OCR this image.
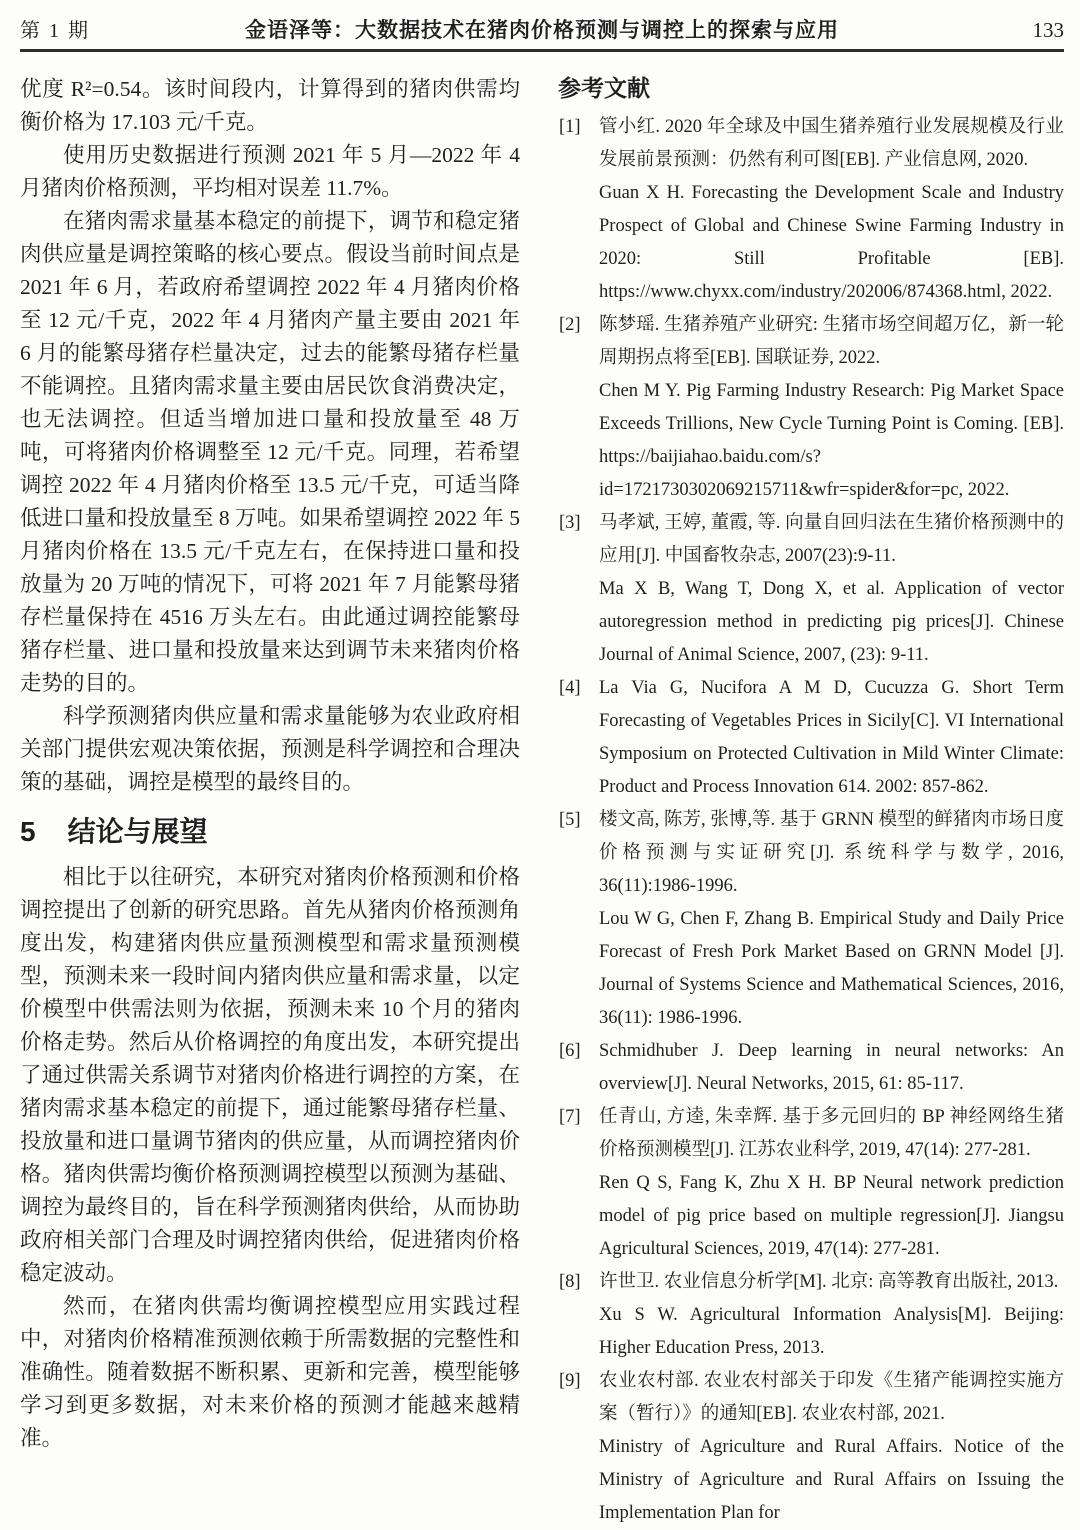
第 1 期	金语泽等：大数据技术在猪肉价格预测与调控上的探索与应用	133

优度 R²=0.54。该时间段内，计算得到的猪肉供需均衡价格为 17.103 元/千克。

使用历史数据进行预测 2021 年 5 月—2022 年 4 月猪肉价格预测，平均相对误差 11.7%。

在猪肉需求量基本稳定的前提下，调节和稳定猪肉供应量是调控策略的核心要点。假设当前时间点是 2021 年 6 月，若政府希望调控 2022 年 4 月猪肉价格至 12 元/千克，2022 年 4 月猪肉产量主要由 2021 年 6 月的能繁母猪存栏量决定，过去的能繁母猪存栏量不能调控。且猪肉需求量主要由居民饮食消费决定，也无法调控。但适当增加进口量和投放量至 48 万吨，可将猪肉价格调整至 12 元/千克。同理，若希望调控 2022 年 4 月猪肉价格至 13.5 元/千克，可适当降低进口量和投放量至 8 万吨。如果希望调控 2022 年 5 月猪肉价格在 13.5 元/千克左右，在保持进口量和投放量为 20 万吨的情况下，可将 2021 年 7 月能繁母猪存栏量保持在 4516 万头左右。由此通过调控能繁母猪存栏量、进口量和投放量来达到调节未来猪肉价格走势的目的。

科学预测猪肉供应量和需求量能够为农业政府相关部门提供宏观决策依据，预测是科学调控和合理决策的基础，调控是模型的最终目的。

5 结论与展望

相比于以往研究，本研究对猪肉价格预测和价格调控提出了创新的研究思路。首先从猪肉价格预测角度出发，构建猪肉供应量预测模型和需求量预测模型，预测未来一段时间内猪肉供应量和需求量，以定价模型中供需法则为依据，预测未来 10 个月的猪肉价格走势。然后从价格调控的角度出发，本研究提出了通过供需关系调节对猪肉价格进行调控的方案，在猪肉需求基本稳定的前提下，通过能繁母猪存栏量、投放量和进口量调节猪肉的供应量，从而调控猪肉价格。猪肉供需均衡价格预测调控模型以预测为基础、调控为最终目的，旨在科学预测猪肉供给，从而协助政府相关部门合理及时调控猪肉供给，促进猪肉价格稳定波动。

然而，在猪肉供需均衡调控模型应用实践过程中，对猪肉价格精准预测依赖于所需数据的完整性和准确性。随着数据不断积累、更新和完善，模型能够学习到更多数据，对未来价格的预测才能越来越精准。

参考文献
[1] 管小红. 2020 年全球及中国生猪养殖行业发展规模及行业发展前景预测：仍然有利可图[EB]. 产业信息网, 2020.
Guan X H. Forecasting the Development Scale and Industry Prospect of Global and Chinese Swine Farming Industry in 2020: Still Profitable [EB]. https://www.chyxx.com/industry/202006/874368.html, 2022.
[2] 陈梦瑶. 生猪养殖产业研究: 生猪市场空间超万亿，新一轮周期拐点将至[EB]. 国联证券, 2022.
Chen M Y. Pig Farming Industry Research: Pig Market Space Exceeds Trillions, New Cycle Turning Point is Coming. [EB]. https://baijiahao.baidu.com/s?id=1721730302069215711&wfr=spider&for=pc, 2022.
[3] 马孝斌, 王婷, 董霞, 等. 向量自回归法在生猪价格预测中的应用[J]. 中国畜牧杂志, 2007(23):9-11.
Ma X B, Wang T, Dong X, et al. Application of vector autoregression method in predicting pig prices[J]. Chinese Journal of Animal Science, 2007, (23): 9-11.
[4] La Via G, Nucifora A M D, Cucuzza G. Short Term Forecasting of Vegetables Prices in Sicily[C]. VI International Symposium on Protected Cultivation in Mild Winter Climate: Product and Process Innovation 614. 2002: 857-862.
[5] 楼文高, 陈芳, 张博,等. 基于 GRNN 模型的鲜猪肉市场日度价格预测与实证研究[J]. 系统科学与数学, 2016, 36(11):1986-1996.
Lou W G, Chen F, Zhang B. Empirical Study and Daily Price Forecast of Fresh Pork Market Based on GRNN Model [J]. Journal of Systems Science and Mathematical Sciences, 2016, 36(11): 1986-1996.
[6] Schmidhuber J. Deep learning in neural networks: An overview[J]. Neural Networks, 2015, 61: 85-117.
[7] 任青山, 方逵, 朱幸辉. 基于多元回归的 BP 神经网络生猪价格预测模型[J]. 江苏农业科学, 2019, 47(14): 277-281.
Ren Q S, Fang K, Zhu X H. BP Neural network prediction model of pig price based on multiple regression[J]. Jiangsu Agricultural Sciences, 2019, 47(14): 277-281.
[8] 许世卫. 农业信息分析学[M]. 北京: 高等教育出版社, 2013.
Xu S W. Agricultural Information Analysis[M]. Beijing: Higher Education Press, 2013.
[9] 农业农村部. 农业农村部关于印发《生猪产能调控实施方案（暂行）》的通知[EB]. 农业农村部, 2021.
Ministry of Agriculture and Rural Affairs. Notice of the Ministry of Agriculture and Rural Affairs on Issuing the Implementation Plan for
